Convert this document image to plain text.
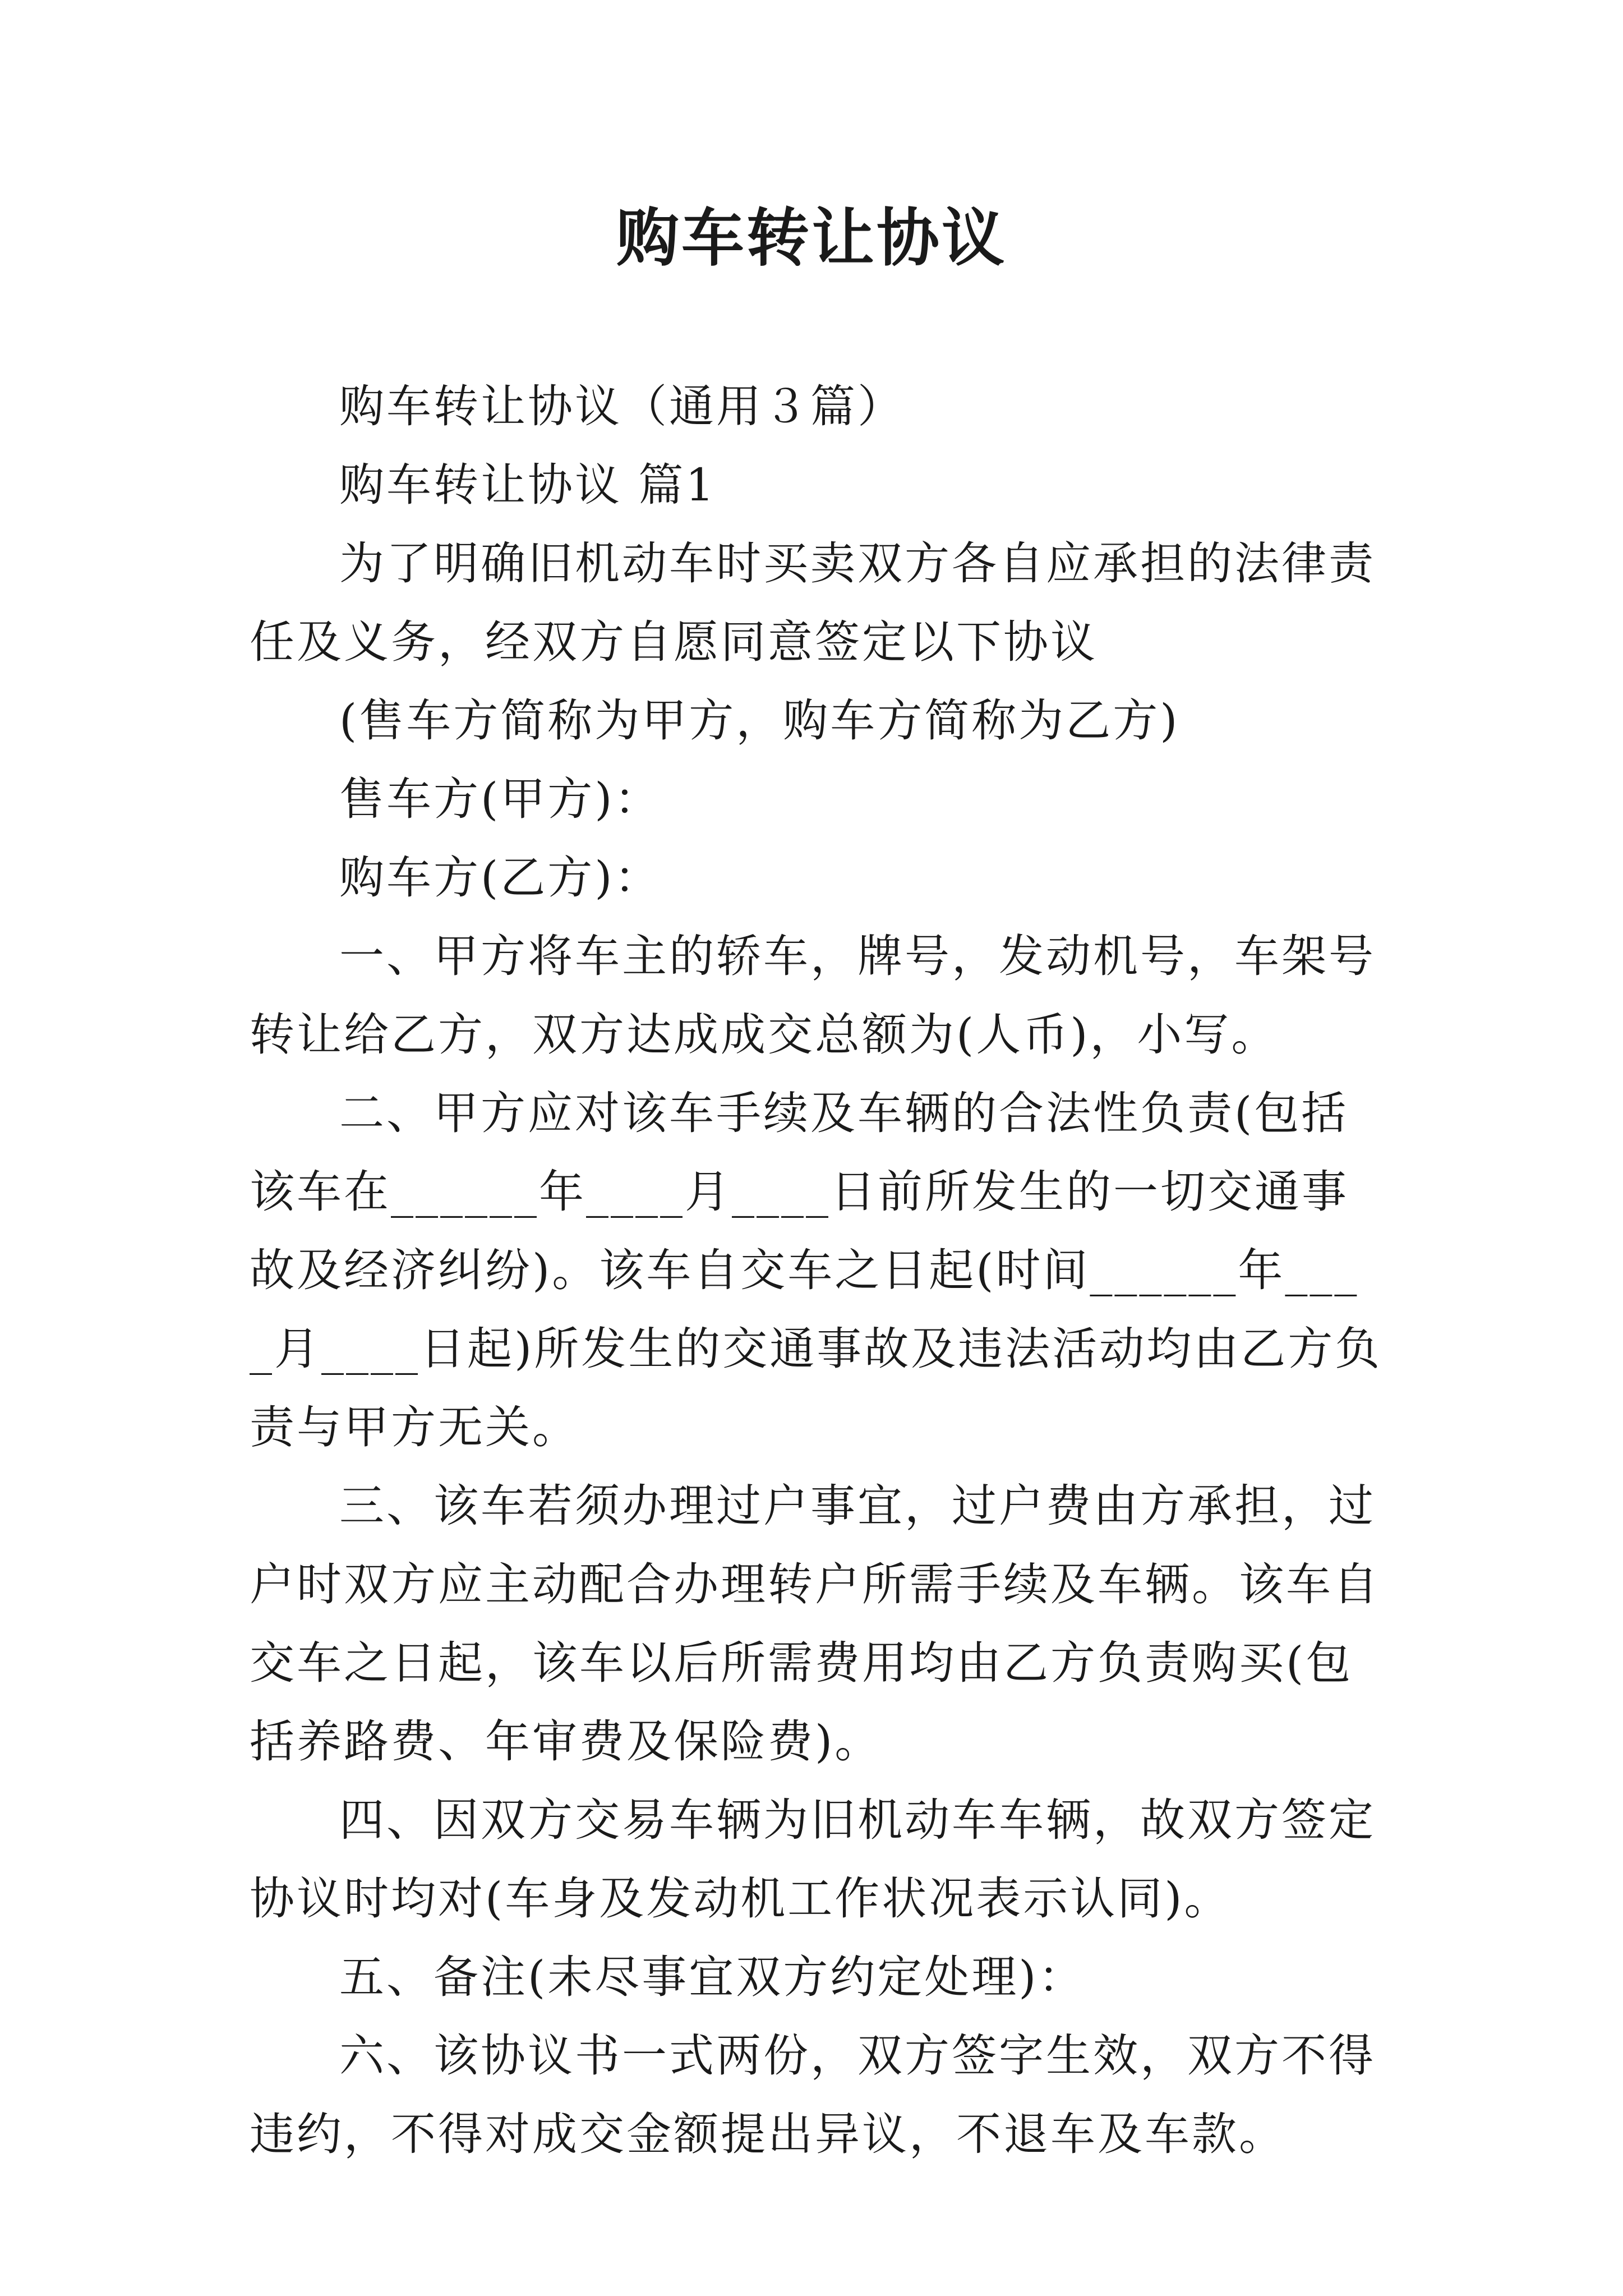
购车转让协议

购车转让协议（通用３篇）

购车转让协议 篇1

为了明确旧机动车时买卖双方各自应承担的法律责任及义务，经双方自愿同意签定以下协议

(售车方简称为甲方，购车方简称为乙方)

售车方(甲方)：

购车方(乙方)：

一、甲方将车主的轿车，牌号，发动机号，车架号转让给乙方，双方达成成交总额为(人币)，小写。

二、甲方应对该车手续及车辆的合法性负责(包括该车在______年____月____日前所发生的一切交通事故及经济纠纷)。该车自交车之日起(时间______年____月____日起)所发生的交通事故及违法活动均由乙方负责与甲方无关。

三、该车若须办理过户事宜，过户费由方承担，过户时双方应主动配合办理转户所需手续及车辆。该车自交车之日起，该车以后所需费用均由乙方负责购买(包括养路费、年审费及保险费)。

四、因双方交易车辆为旧机动车车辆，故双方签定协议时均对(车身及发动机工作状况表示认同)。

五、备注(未尽事宜双方约定处理)：

六、该协议书一式两份，双方签字生效，双方不得违约，不得对成交金额提出异议，不退车及车款。
